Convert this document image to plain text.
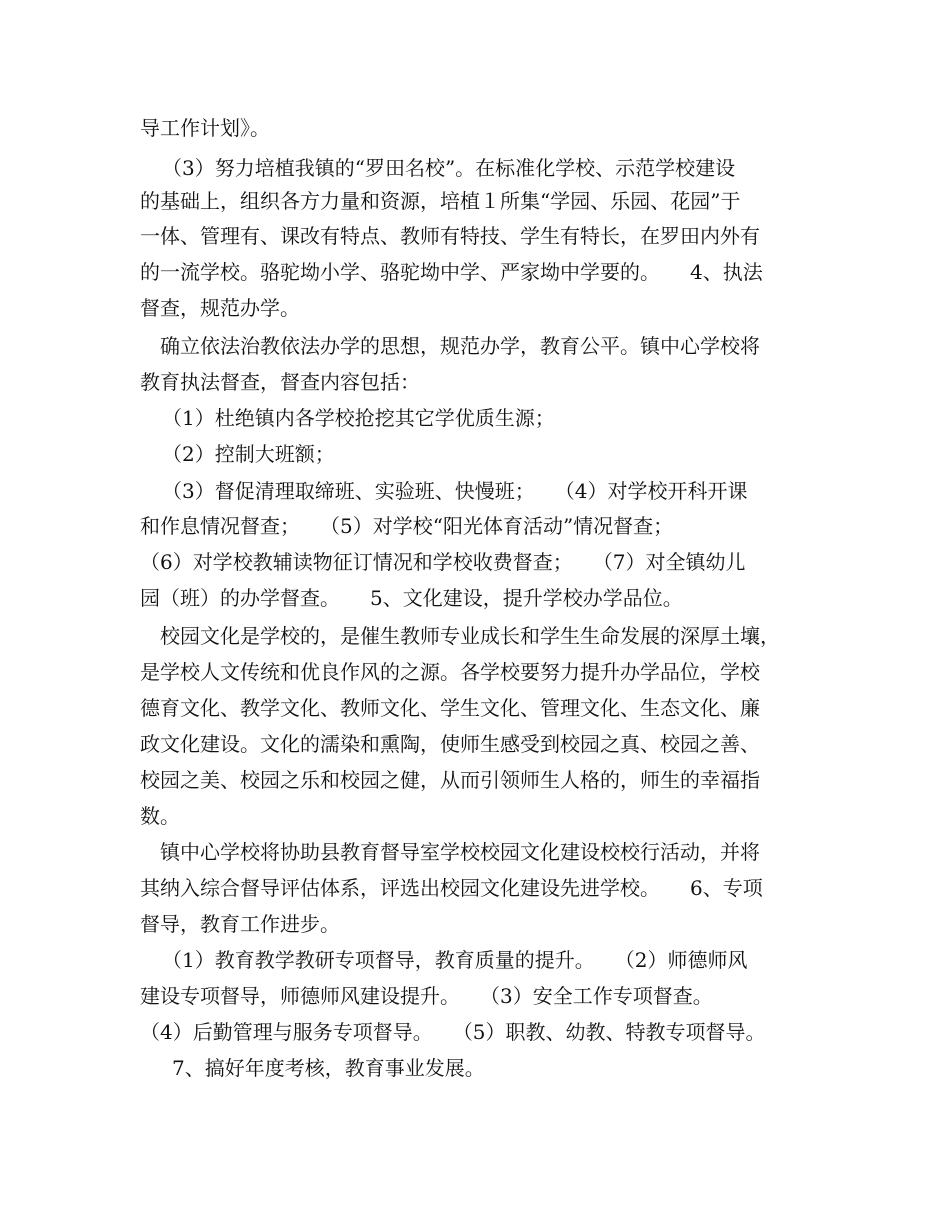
导工作计划》。
（3）努力培植我镇的“罗田名校”。在标准化学校、示范学校建设
的基础上，组织各方力量和资源，培植１所集“学园、乐园、花园”于
一体、管理有、课改有特点、教师有特技、学生有特长，在罗田内外有
的一流学校。骆驼坳小学、骆驼坳中学、严家坳中学要的。　　4、执法
督查，规范办学。
确立依法治教依法办学的思想，规范办学，教育公平。镇中心学校将
教育执法督查，督查内容包括：
（1）杜绝镇内各学校抢挖其它学优质生源；
（2）控制大班额；
（3）督促清理取缔班、实验班、快慢班；　　（4）对学校开科开课
和作息情况督查；　　（5）对学校“阳光体育活动”情况督查；
（6）对学校教辅读物征订情况和学校收费督查；　　（7）对全镇幼儿
园（班）的办学督查。　　5、文化建设，提升学校办学品位。
校园文化是学校的，是催生教师专业成长和学生生命发展的深厚土壤，
是学校人文传统和优良作风的之源。各学校要努力提升办学品位，学校
德育文化、教学文化、教师文化、学生文化、管理文化、生态文化、廉
政文化建设。文化的濡染和熏陶，使师生感受到校园之真、校园之善、
校园之美、校园之乐和校园之健，从而引领师生人格的，师生的幸福指
数。
镇中心学校将协助县教育督导室学校校园文化建设校校行活动，并将
其纳入综合督导评估体系，评选出校园文化建设先进学校。　　6、专项
督导，教育工作进步。
（1）教育教学教研专项督导，教育质量的提升。　　（2）师德师风
建设专项督导，师德师风建设提升。　　（3）安全工作专项督查。
（4）后勤管理与服务专项督导。　　（5）职教、幼教、特教专项督导。
7、搞好年度考核，教育事业发展。
